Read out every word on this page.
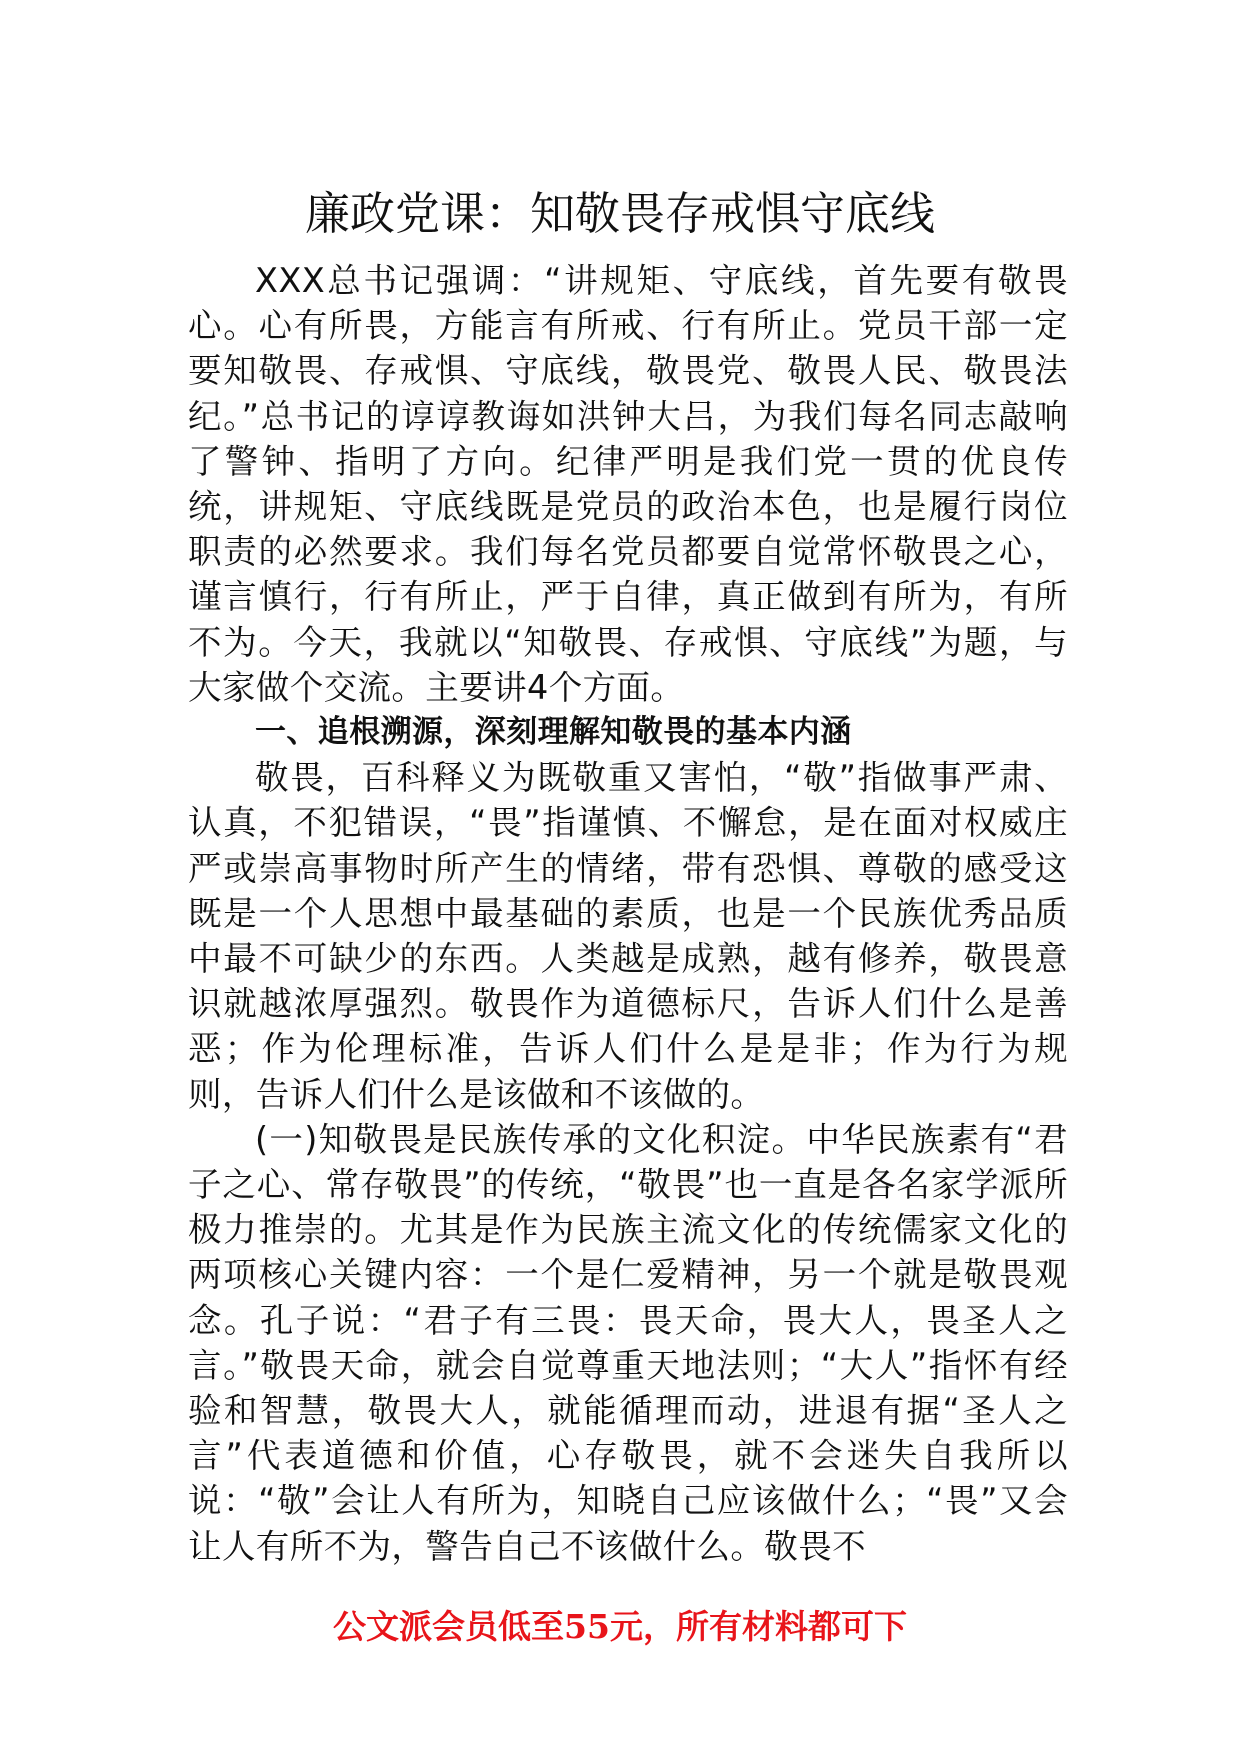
廉政党课：知敬畏存戒惧守底线

XXX总书记强调：“讲规矩、守底线，首先要有敬畏心。心有所畏，方能言有所戒、行有所止。党员干部一定要知敬畏、存戒惧、守底线，敬畏党、敬畏人民、敬畏法纪。”总书记的谆谆教诲如洪钟大吕，为我们每名同志敲响了警钟、指明了方向。纪律严明是我们党一贯的优良传统，讲规矩、守底线既是党员的政治本色，也是履行岗位职责的必然要求。我们每名党员都要自觉常怀敬畏之心，谨言慎行，行有所止，严于自律，真正做到有所为，有所不为。今天，我就以“知敬畏、存戒惧、守底线”为题，与大家做个交流。主要讲4个方面。

一、追根溯源，深刻理解知敬畏的基本内涵

敬畏，百科释义为既敬重又害怕，“敬”指做事严肃、认真，不犯错误，“畏”指谨慎、不懈怠，是在面对权威庄严或崇高事物时所产生的情绪，带有恐惧、尊敬的感受这既是一个人思想中最基础的素质，也是一个民族优秀品质中最不可缺少的东西。人类越是成熟，越有修养，敬畏意识就越浓厚强烈。敬畏作为道德标尺，告诉人们什么是善恶；作为伦理标准，告诉人们什么是是非；作为行为规则，告诉人们什么是该做和不该做的。

(一)知敬畏是民族传承的文化积淀。中华民族素有“君子之心、常存敬畏”的传统，“敬畏”也一直是各名家学派所极力推崇的。尤其是作为民族主流文化的传统儒家文化的两项核心关键内容：一个是仁爱精神，另一个就是敬畏观念。孔子说：“君子有三畏：畏天命，畏大人，畏圣人之言。”敬畏天命，就会自觉尊重天地法则；“大人”指怀有经验和智慧，敬畏大人，就能循理而动，进退有据“圣人之言”代表道德和价值，心存敬畏，就不会迷失自我所以说：“敬”会让人有所为，知晓自己应该做什么；“畏”又会让人有所不为，警告自己不该做什么。敬畏不

公文派会员低至55元，所有材料都可下
